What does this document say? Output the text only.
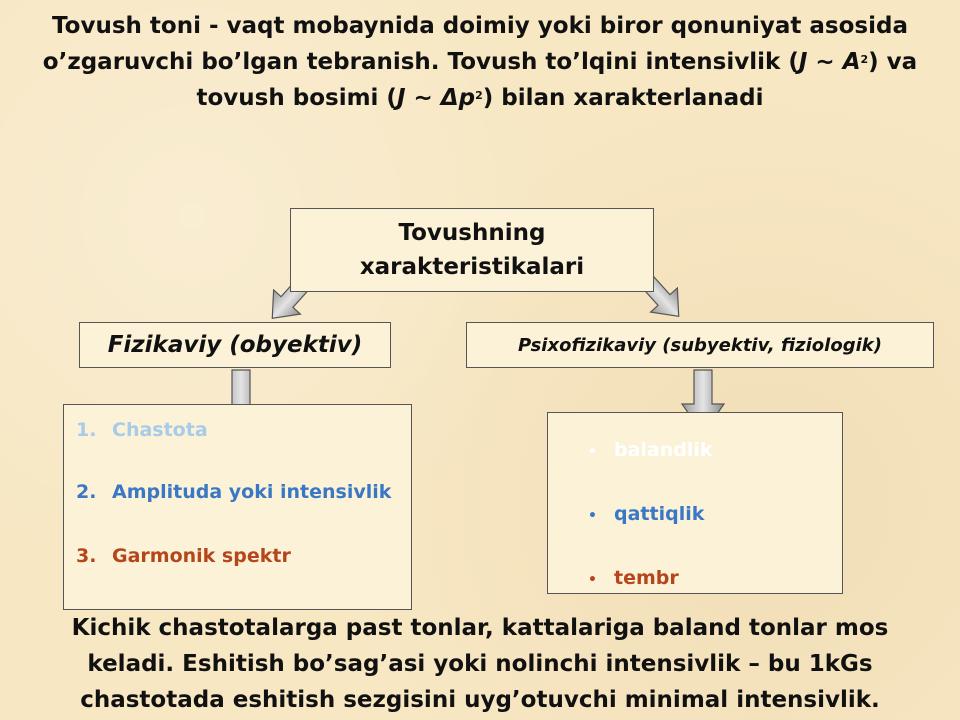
Tovush toni - vaqt mobaynida doimiy yoki biror qonuniyat asosida
o’zgaruvchi bo’lgan tebranish. Tovush to’lqini intensivlik (J ~ $A^2$) va
tovush bosimi (J ~ $\Delta p^2$) bilan xarakterlanadi
Tovushning
xarakteristikalari
Fizikaviy (obyektiv)	Psixofizikaviy (subyektiv, fiziologik)
1. Chastota
2. Amplituda yoki intensivlik
3. Garmonik spektr
• balandlik
• qattiqlik
• tembr
Kichik chastotalarga past tonlar, kattalariga baland tonlar mos
keladi. Eshitish bo’sag’asi yoki nolinchi intensivlik – bu 1kGs
chastotada eshitish sezgisini uyg’otuvchi minimal intensivlik.
